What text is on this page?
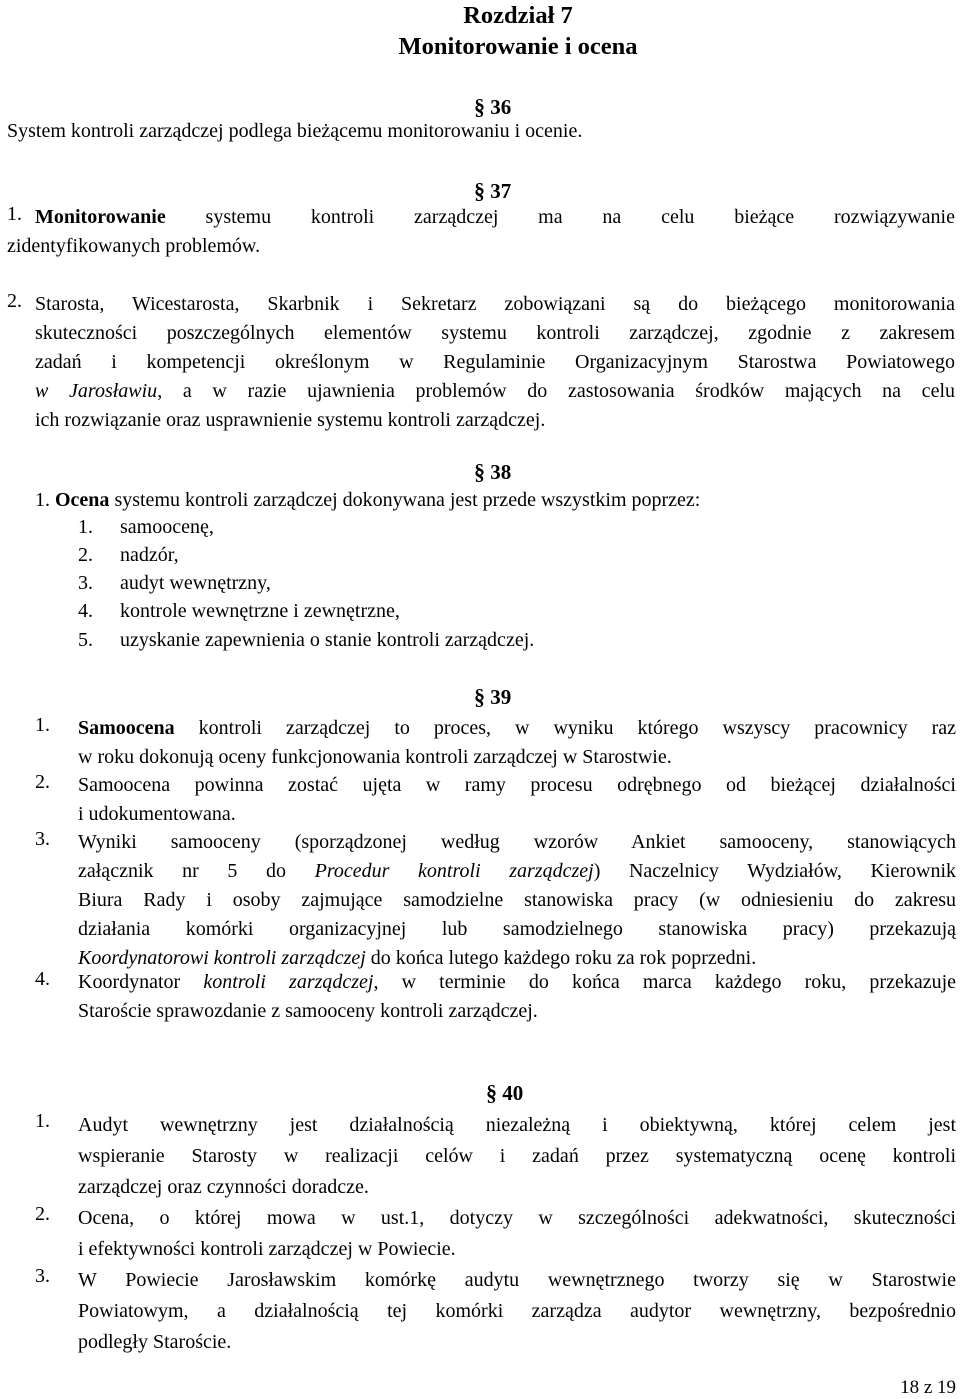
Rozdział 7
Monitorowanie i ocena
§ 36
System kontroli zarządczej podlega bieżącemu monitorowaniu i ocenie.
§ 37
1. Monitorowanie systemu kontroli zarządczej ma na celu bieżące rozwiązywanie
zidentyfikowanych problemów.
2. Starosta, Wicestarosta, Skarbnik i Sekretarz zobowiązani są do bieżącego monitorowania
skuteczności poszczególnych elementów systemu kontroli zarządczej, zgodnie z zakresem
zadań i kompetencji określonym w Regulaminie Organizacyjnym Starostwa Powiatowego
w Jarosławiu, a w razie ujawnienia problemów do zastosowania środków mających na celu
ich rozwiązanie oraz usprawnienie systemu kontroli zarządczej.
§ 38
1. Ocena systemu kontroli zarządczej dokonywana jest przede wszystkim poprzez:
1. samoocenę,
2. nadzór,
3. audyt wewnętrzny,
4. kontrole wewnętrzne i zewnętrzne,
5. uzyskanie zapewnienia o stanie kontroli zarządczej.
§ 39
1. Samoocena kontroli zarządczej to proces, w wyniku którego wszyscy pracownicy raz
w roku dokonują oceny funkcjonowania kontroli zarządczej w Starostwie.
2. Samoocena powinna zostać ujęta w ramy procesu odrębnego od bieżącej działalności
i udokumentowana.
3. Wyniki samooceny (sporządzonej według wzorów Ankiet samooceny, stanowiących
załącznik nr 5 do Procedur kontroli zarządczej) Naczelnicy Wydziałów, Kierownik
Biura Rady i osoby zajmujące samodzielne stanowiska pracy (w odniesieniu do zakresu
działania komórki organizacyjnej lub samodzielnego stanowiska pracy) przekazują
Koordynatorowi kontroli zarządczej do końca lutego każdego roku za rok poprzedni.
4. Koordynator kontroli zarządczej, w terminie do końca marca każdego roku, przekazuje
Staroście sprawozdanie z samooceny kontroli zarządczej.
§ 40
1. Audyt wewnętrzny jest działalnością niezależną i obiektywną, której celem jest
wspieranie Starosty w realizacji celów i zadań przez systematyczną ocenę kontroli
zarządczej oraz czynności doradcze.
2. Ocena, o której mowa w ust.1, dotyczy w szczególności adekwatności, skuteczności
i efektywności kontroli zarządczej w Powiecie.
3. W Powiecie Jarosławskim komórkę audytu wewnętrznego tworzy się w Starostwie
Powiatowym, a działalnością tej komórki zarządza audytor wewnętrzny, bezpośrednio
podległy Staroście.
18 z 19
